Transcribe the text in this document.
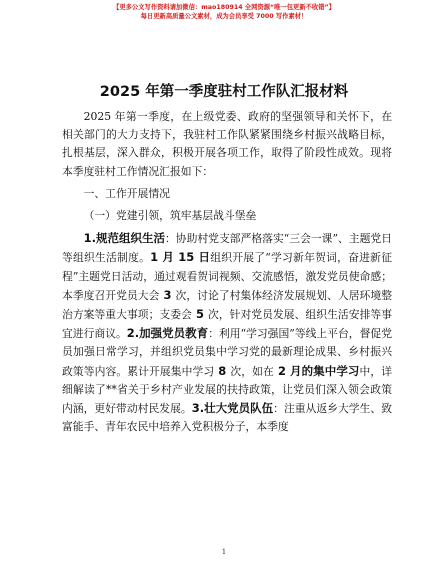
【更多公文写作资料请加微信：mao180914 全网资源“唯一包更新不收错”】
每日更新高质量公文素材，成为会员享受 7000 写作素材！
2025 年第一季度驻村工作队汇报材料

2025 年第一季度，在上级党委、政府的坚强领导和关怀下，在相关部门的大力支持下，我驻村工作队紧紧围绕乡村振兴战略目标，扎根基层，深入群众，积极开展各项工作，取得了阶段性成效。现将本季度驻村工作情况汇报如下：

一、工作开展情况

（一）党建引领，筑牢基层战斗堡垒

1.规范组织生活：协助村党支部严格落实“三会一课”、主题党日等组织生活制度。1 月 15 日组织开展了“学习新年贺词，奋进新征程”主题党日活动，通过观看贺词视频、交流感悟，激发党员使命感；本季度召开党员大会 3 次，讨论了村集体经济发展规划、人居环境整治方案等重大事项；支委会 5 次，针对党员发展、组织生活安排等事宜进行商议。2.加强党员教育：利用“学习强国”等线上平台，督促党员加强日常学习，并组织党员集中学习党的最新理论成果、乡村振兴政策等内容。累计开展集中学习 8 次，如在 2 月的集中学习中，详细解读了**省关于乡村产业发展的扶持政策，让党员们深入领会政策内涵，更好带动村民发展。3.壮大党员队伍：注重从返乡大学生、致富能手、青年农民中培养入党积极分子，本季度

1
